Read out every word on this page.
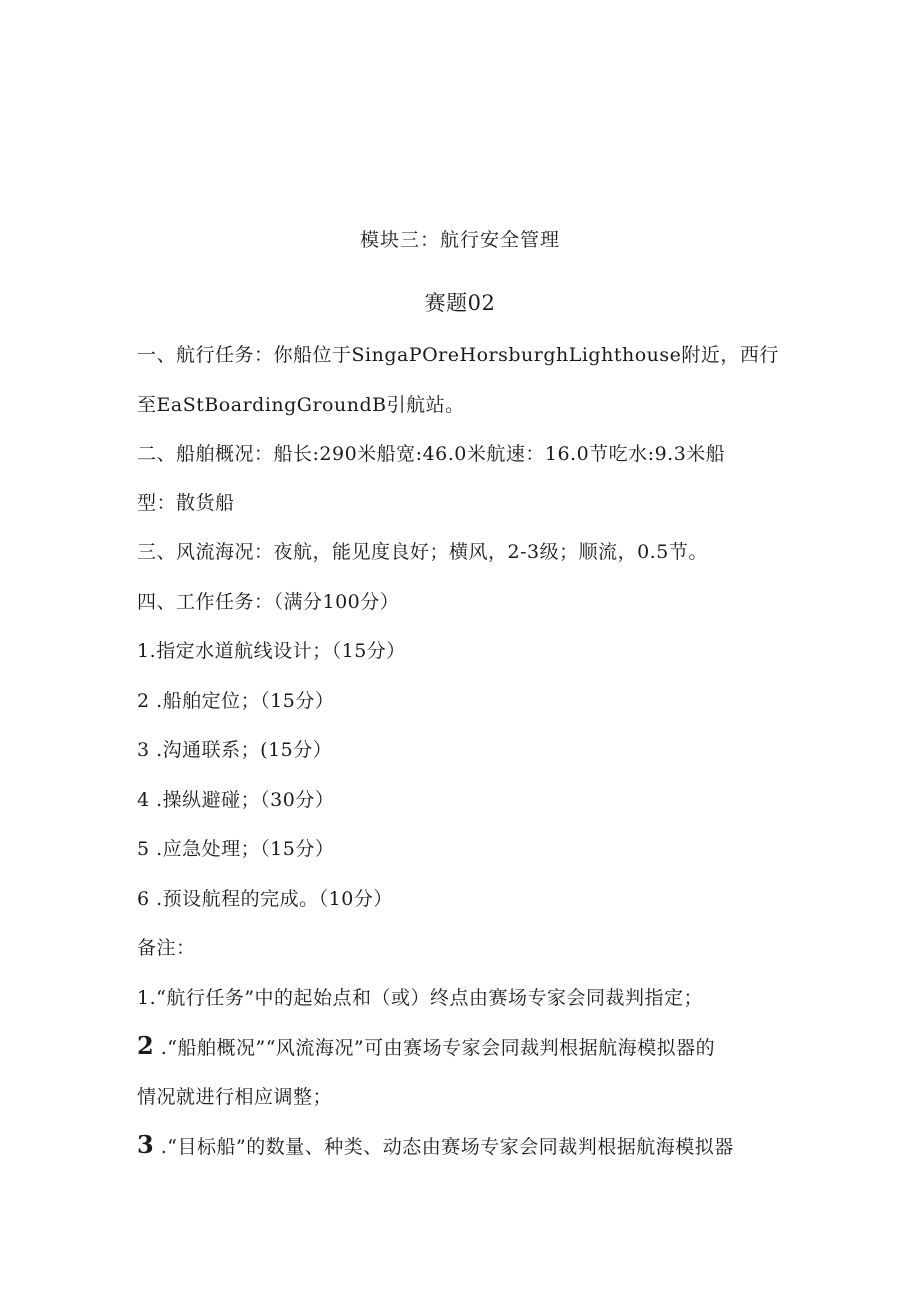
模块三：航行安全管理
赛题02
一、航行任务：你船位于SingaPOreHorsburghLighthouse附近，西行
至EaStBoardingGroundB引航站。
二、船舶概况：船长:290米船宽:46.0米航速：16.0节吃水:9.3米船
型：散货船
三、风流海况：夜航，能见度良好；横风，2-3级；顺流，0.5节。
四、工作任务：（满分100分）
1.指定水道航线设计；（15分）
2 .船舶定位；（15分）
3 .沟通联系；(15分）
4 .操纵避碰；（30分）
5 .应急处理；（15分）
6 .预设航程的完成。（10分）
备注：
1.“航行任务”中的起始点和（或）终点由赛场专家会同裁判指定；
2 .“船舶概况”“风流海况”可由赛场专家会同裁判根据航海模拟器的
情况就进行相应调整；
3 .“目标船”的数量、种类、动态由赛场专家会同裁判根据航海模拟器
